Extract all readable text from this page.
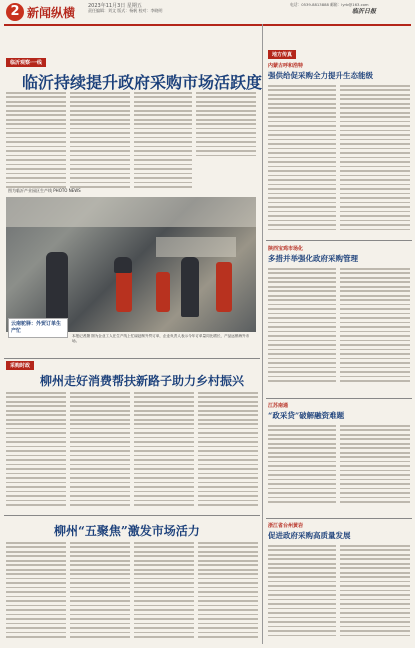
2 新闻纵横	2023年11月3日 星期五
责任编辑：刘文 版式：杨帆 校对：李晓明
电话：0539-8813888 邮箱：lyrb@163.com
临沂日报
临沂观察·一线
临沂持续提升政府采购市场活跃度
图为临沂产业园区生产线 PHOTO NEWS
云南驼驿：外贸订单生产忙
本报记者摄 图为企业工人在生产线上忙碌赶制外贸订单，企业负责人表示今年订单量同比增长，产品远销海外市场。
地方传真
内蒙古呼和浩特
强供给促采购全力提升生态能级
陕西宝鸡市场化
多措并举强化政府采购管理
江苏南通
“政采贷”破解融资难题
浙江省台州黄岩
促进政府采购高质量发展
采购时政
柳州走好消费帮扶新路子助力乡村振兴
柳州“五聚焦”激发市场活力
